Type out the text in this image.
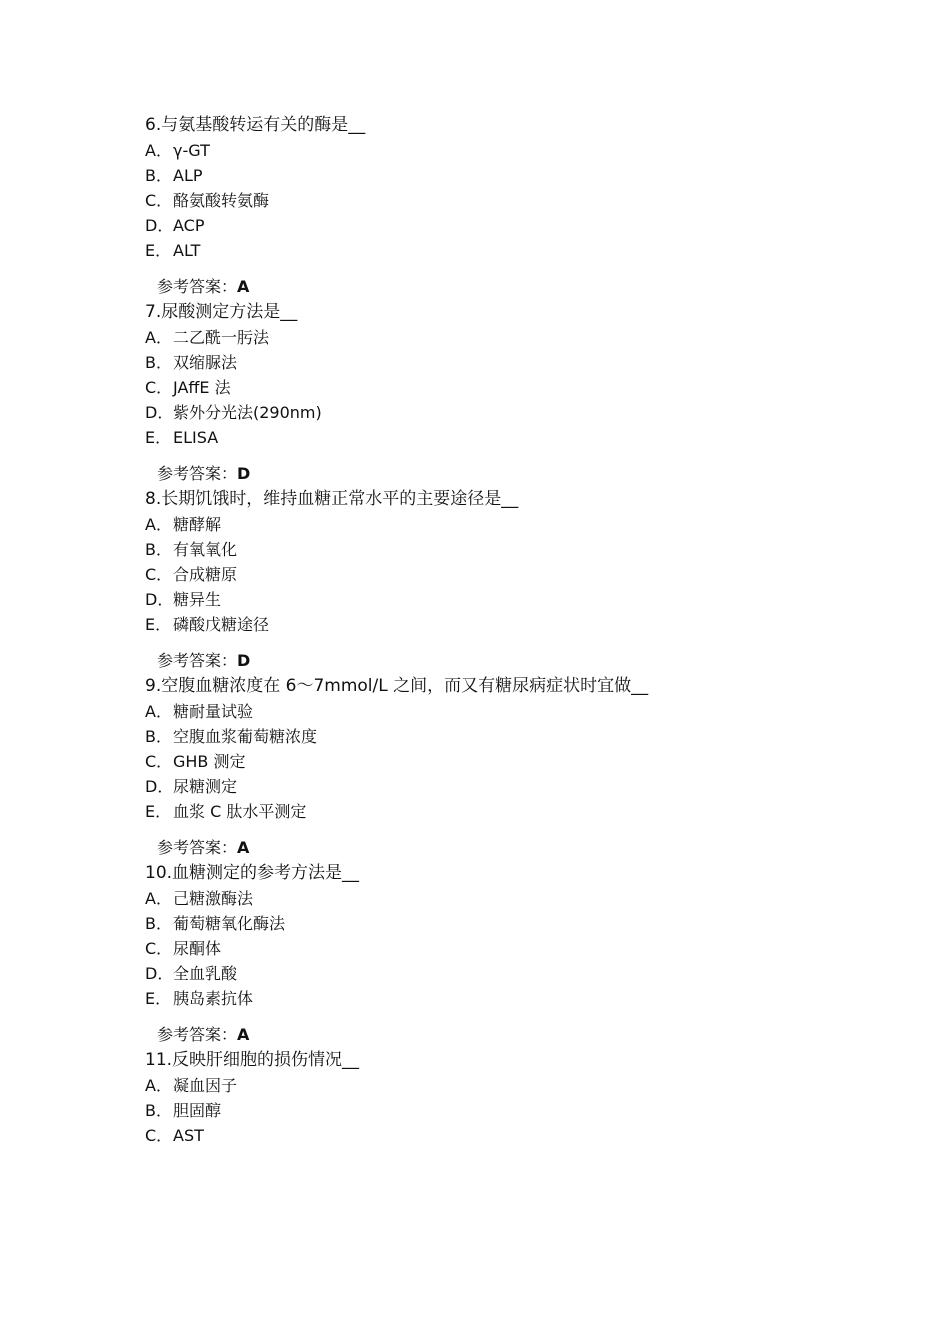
6.与氨基酸转运有关的酶是__
A．γ-GT
B．ALP
C．酪氨酸转氨酶
D．ACP
E． ALT
参考答案：A
7.尿酸测定方法是__
A．二乙酰一肟法
B．双缩脲法
C．JAffE 法
D．紫外分光法(290nm)
E． ELISA
参考答案：D
8.长期饥饿时，维持血糖正常水平的主要途径是__
A．糖酵解
B．有氧氧化
C．合成糖原
D．糖异生
E． 磷酸戊糖途径
参考答案：D
9.空腹血糖浓度在 6～7mmol/L 之间，而又有糖尿病症状时宜做__
A．糖耐量试验
B．空腹血浆葡萄糖浓度
C．GHB 测定
D．尿糖测定
E． 血浆 C 肽水平测定
参考答案：A
10.血糖测定的参考方法是__
A．己糖激酶法
B．葡萄糖氧化酶法
C．尿酮体
D．全血乳酸
E． 胰岛素抗体
参考答案：A
11.反映肝细胞的损伤情况__
A．凝血因子
B．胆固醇
C．AST
